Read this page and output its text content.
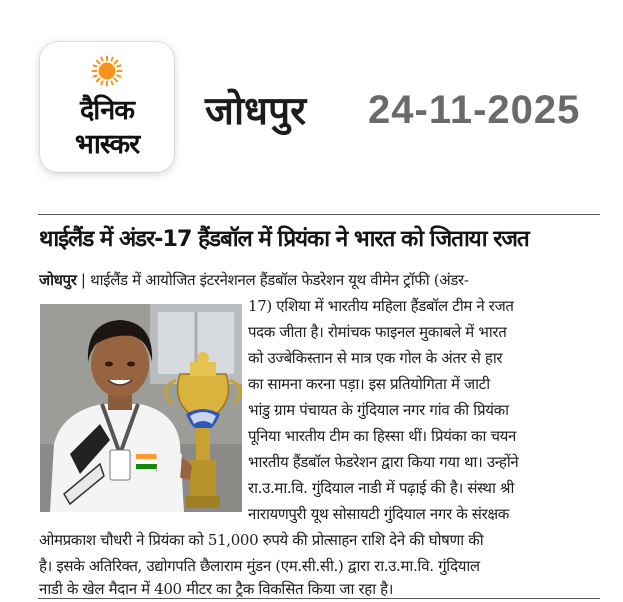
दैनिक
भास्कर
जोधपुर 24-11-2025
थाईलैंड में अंडर-17 हैंडबॉल में प्रियंका ने भारत को जिताया रजत
जोधपुर | थाईलैंड में आयोजित इंटरनेशनल हैंडबॉल फेडरेशन यूथ वीमेन ट्रॉफी (अंडर-
17) एशिया में भारतीय महिला हैंडबॉल टीम ने रजत
पदक जीता है। रोमांचक फाइनल मुकाबले में भारत
को उज्बेकिस्तान से मात्र एक गोल के अंतर से हार
का सामना करना पड़ा। इस प्रतियोगिता में जाटी
भांडु ग्राम पंचायत के गुंदियाल नगर गांव की प्रियंका
पूनिया भारतीय टीम का हिस्सा थीं। प्रियंका का चयन
भारतीय हैंडबॉल फेडरेशन द्वारा किया गया था। उन्होंने
रा.उ.मा.वि. गुंदियाल नाडी में पढ़ाई की है। संस्था श्री
नारायणपुरी यूथ सोसायटी गुंदियाल नगर के संरक्षक
ओमप्रकाश चौधरी ने प्रियंका को 51,000 रुपये की प्रोत्साहन राशि देने की घोषणा की
है। इसके अतिरिक्त, उद्योगपति छैलाराम मुंडन (एम.सी.सी.) द्वारा रा.उ.मा.वि. गुंदियाल
नाडी के खेल मैदान में 400 मीटर का ट्रैक विकसित किया जा रहा है।
